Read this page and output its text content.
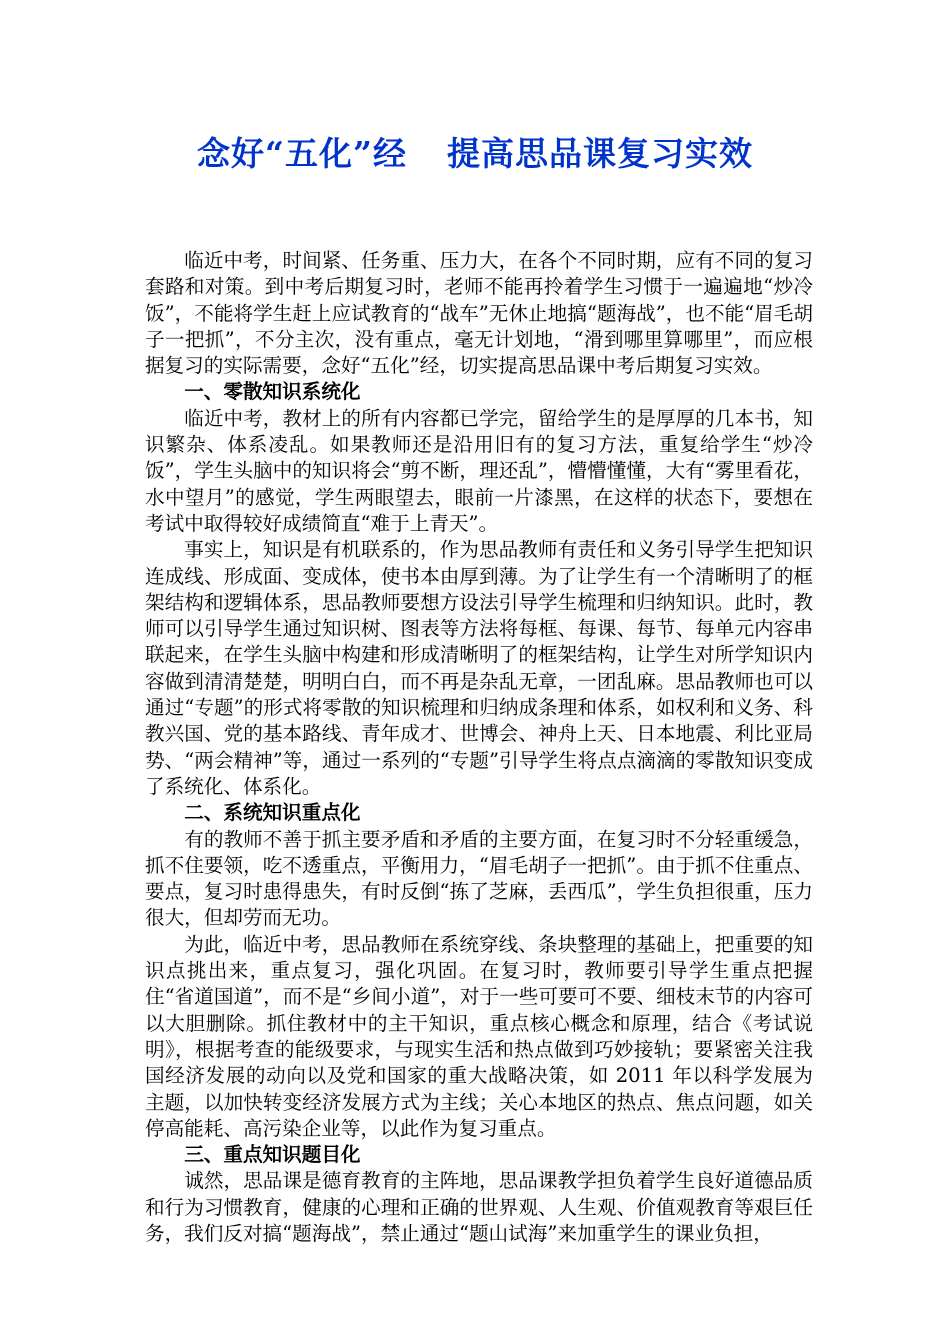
念好“五化”经 提高思品课复习实效

临近中考，时间紧、任务重、压力大，在各个不同时期，应有不同的复习套路和对策。到中考后期复习时，老师不能再拎着学生习惯于一遍遍地“炒冷饭”，不能将学生赶上应试教育的“战车”无休止地搞“题海战”，也不能“眉毛胡子一把抓”，不分主次，没有重点，毫无计划地，“滑到哪里算哪里”，而应根据复习的实际需要，念好“五化”经，切实提高思品课中考后期复习实效。

一、零散知识系统化

临近中考，教材上的所有内容都已学完，留给学生的是厚厚的几本书，知识繁杂、体系凌乱。如果教师还是沿用旧有的复习方法，重复给学生“炒冷饭”，学生头脑中的知识将会“剪不断，理还乱”，懵懵懂懂，大有“雾里看花，水中望月”的感觉，学生两眼望去，眼前一片漆黑，在这样的状态下，要想在考试中取得较好成绩简直“难于上青天”。

事实上，知识是有机联系的，作为思品教师有责任和义务引导学生把知识连成线、形成面、变成体，使书本由厚到薄。为了让学生有一个清晰明了的框架结构和逻辑体系，思品教师要想方设法引导学生梳理和归纳知识。此时，教师可以引导学生通过知识树、图表等方法将每框、每课、每节、每单元内容串联起来，在学生头脑中构建和形成清晰明了的框架结构，让学生对所学知识内容做到清清楚楚，明明白白，而不再是杂乱无章，一团乱麻。思品教师也可以通过“专题”的形式将零散的知识梳理和归纳成条理和体系，如权利和义务、科教兴国、党的基本路线、青年成才、世博会、神舟上天、日本地震、利比亚局势、“两会精神”等，通过一系列的“专题”引导学生将点点滴滴的零散知识变成了系统化、体系化。

二、系统知识重点化

有的教师不善于抓主要矛盾和矛盾的主要方面，在复习时不分轻重缓急，抓不住要领，吃不透重点，平衡用力，“眉毛胡子一把抓”。由于抓不住重点、要点，复习时患得患失，有时反倒“拣了芝麻，丢西瓜”，学生负担很重，压力很大，但却劳而无功。

为此，临近中考，思品教师在系统穿线、条块整理的基础上，把重要的知识点挑出来，重点复习，强化巩固。在复习时，教师要引导学生重点把握住“省道国道”，而不是“乡间小道”，对于一些可要可不要、细枝末节的内容可以大胆删除。抓住教材中的主干知识，重点核心概念和原理，结合《考试说明》，根据考查的能级要求，与现实生活和热点做到巧妙接轨；要紧密关注我国经济发展的动向以及党和国家的重大战略决策，如 2011 年以科学发展为主题，以加快转变经济发展方式为主线；关心本地区的热点、焦点问题，如关停高能耗、高污染企业等，以此作为复习重点。

三、重点知识题目化

诚然，思品课是德育教育的主阵地，思品课教学担负着学生良好道德品质和行为习惯教育，健康的心理和正确的世界观、人生观、价值观教育等艰巨任务，我们反对搞“题海战”，禁止通过“题山试海”来加重学生的课业负担，
